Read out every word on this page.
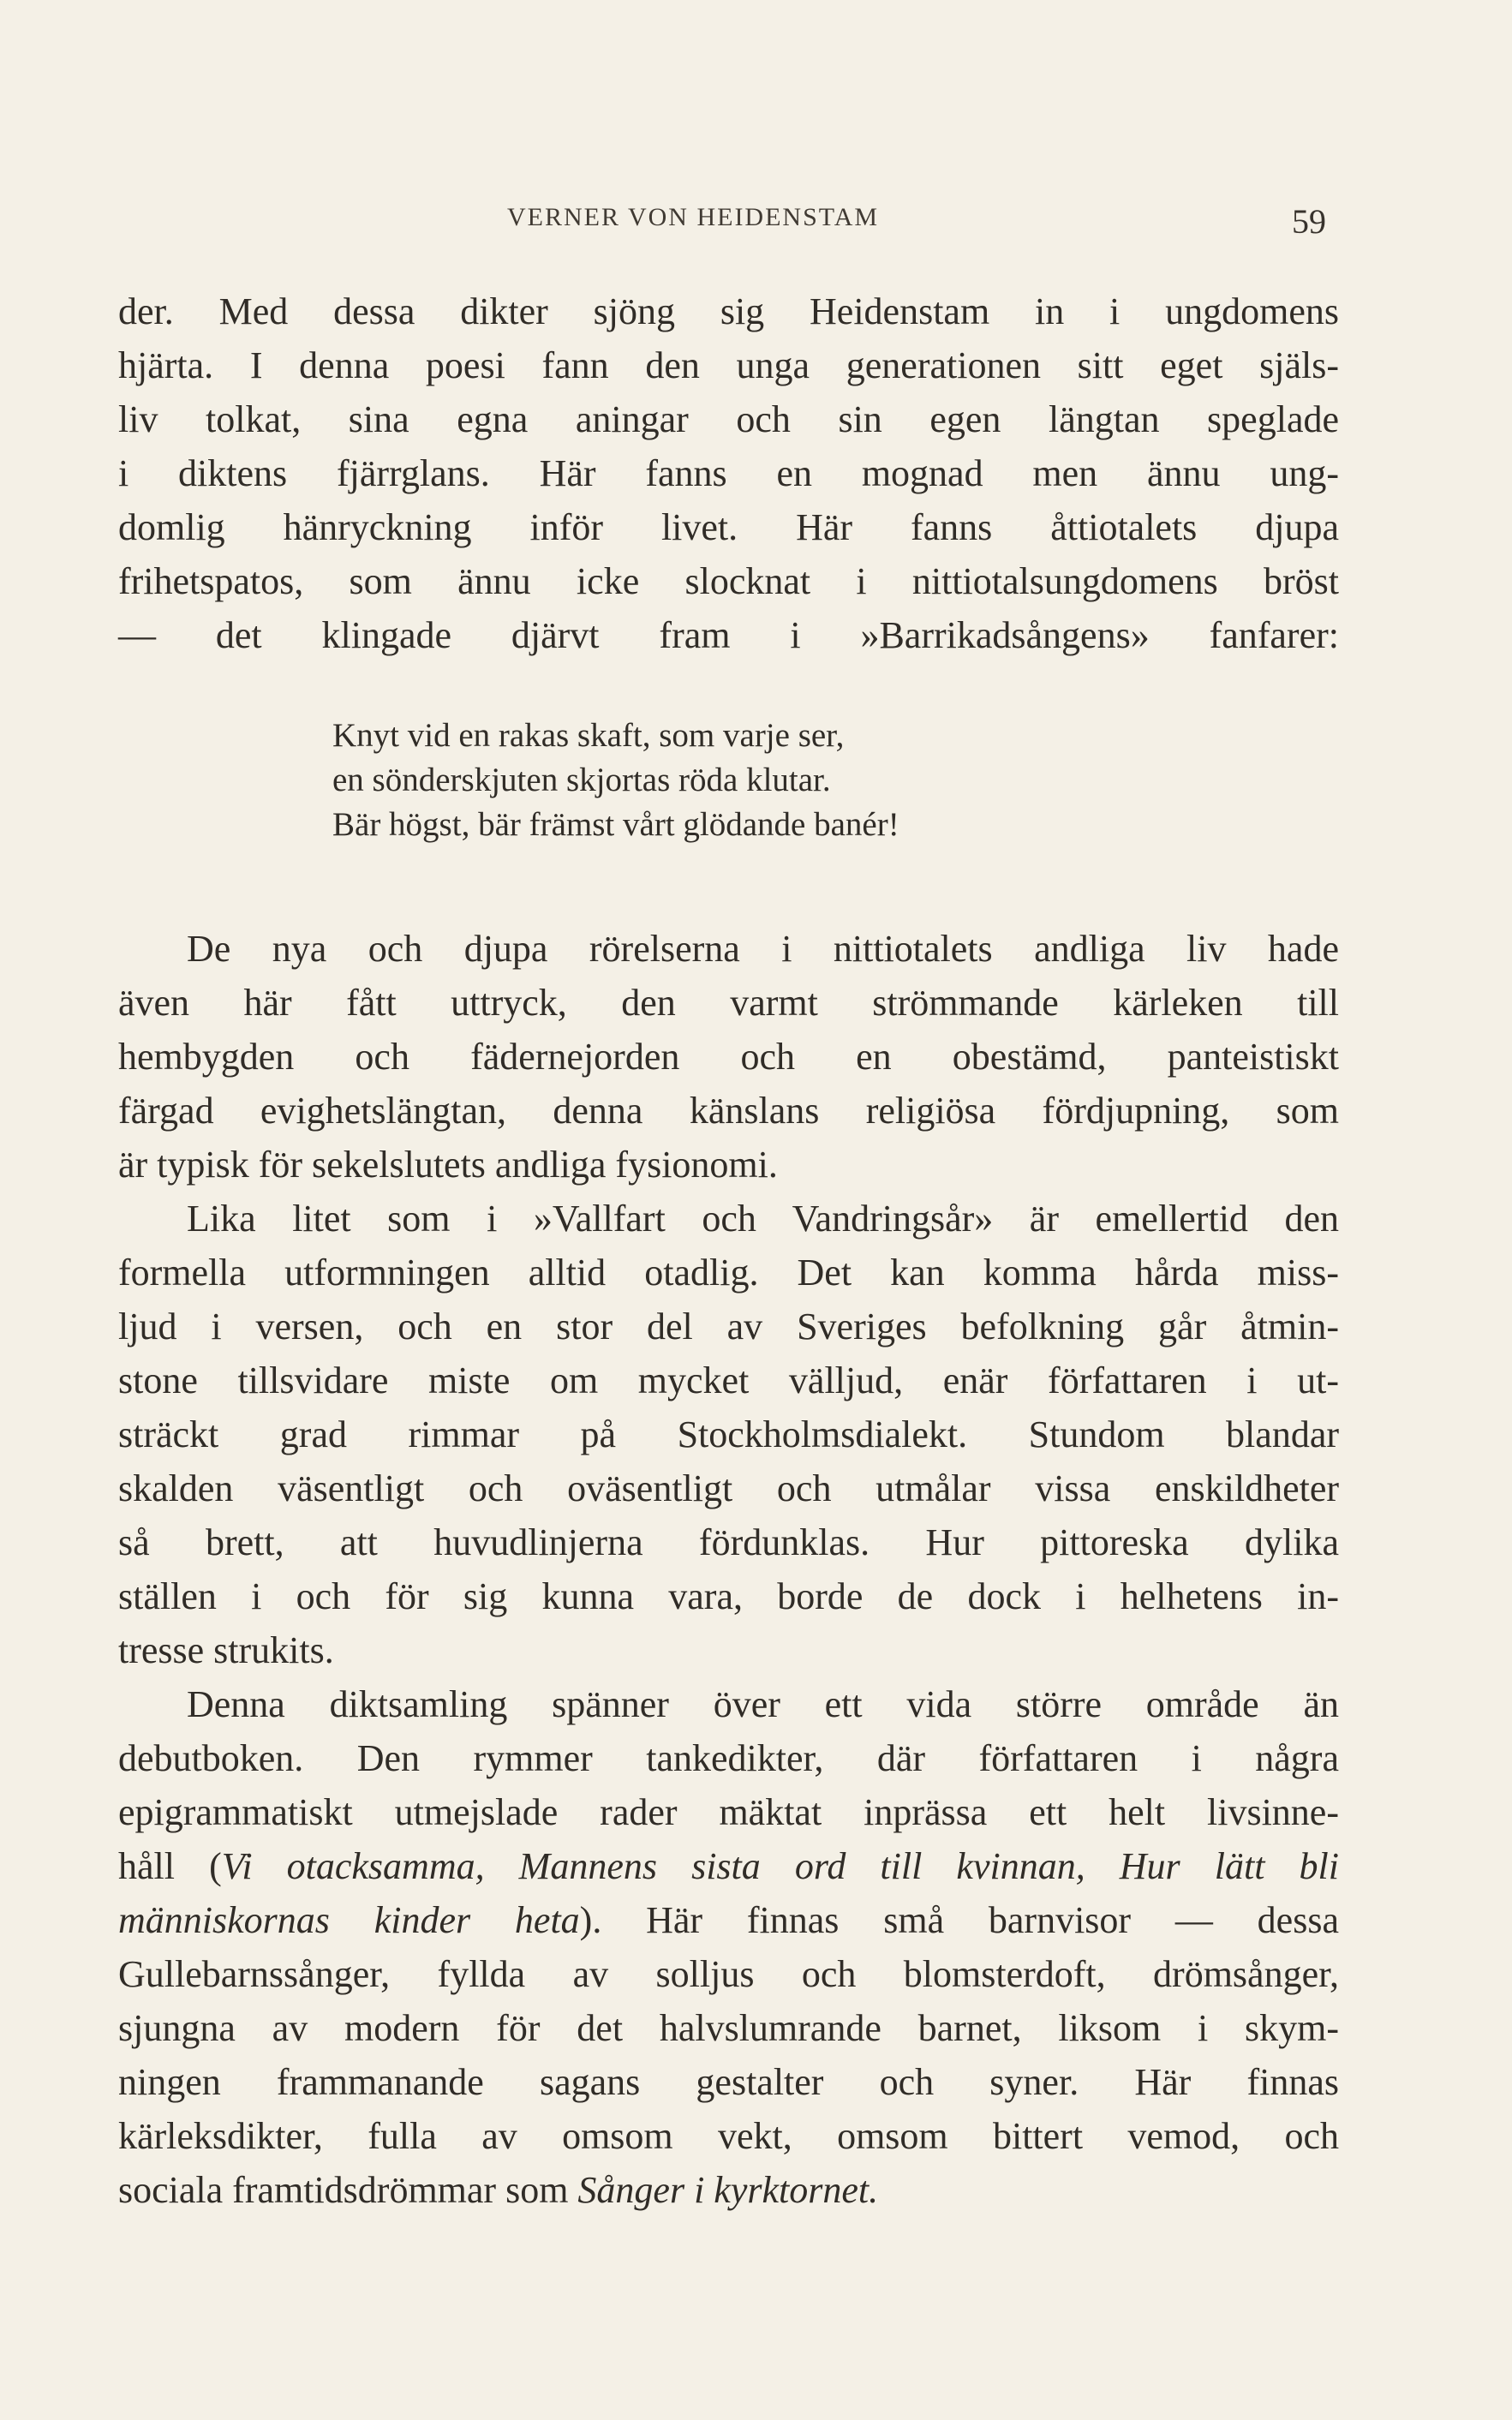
VERNER VON HEIDENSTAM	59
der. Med dessa dikter sjöng sig Heidenstam in i ungdomens
hjärta. I denna poesi fann den unga generationen sitt eget själs-
liv tolkat, sina egna aningar och sin egen längtan speglade
i diktens fjärrglans. Här fanns en mognad men ännu ung-
domlig hänryckning inför livet. Här fanns åttiotalets djupa
frihetspatos, som ännu icke slocknat i nittiotalsungdomens bröst
— det klingade djärvt fram i »Barrikadsångens» fanfarer:
Knyt vid en rakas skaft, som varje ser,
en sönderskjuten skjortas röda klutar.
Bär högst, bär främst vårt glödande banér!
De nya och djupa rörelserna i nittiotalets andliga liv hade
även här fått uttryck, den varmt strömmande kärleken till
hembygden och fädernejorden och en obestämd, panteistiskt
färgad evighetslängtan, denna känslans religiösa fördjupning, som
är typisk för sekelslutets andliga fysionomi.
Lika litet som i »Vallfart och Vandringsår» är emellertid den
formella utformningen alltid otadlig. Det kan komma hårda miss-
ljud i versen, och en stor del av Sveriges befolkning går åtmin-
stone tillsvidare miste om mycket välljud, enär författaren i ut-
sträckt grad rimmar på Stockholmsdialekt. Stundom blandar
skalden väsentligt och oväsentligt och utmålar vissa enskildheter
så brett, att huvudlinjerna fördunklas. Hur pittoreska dylika
ställen i och för sig kunna vara, borde de dock i helhetens in-
tresse strukits.
Denna diktsamling spänner över ett vida större område än
debutboken. Den rymmer tankedikter, där författaren i några
epigrammatiskt utmejslade rader mäktat inprässa ett helt livsinne-
håll (Vi otacksamma, Mannens sista ord till kvinnan, Hur lätt bli
människornas kinder heta). Här finnas små barnvisor — dessa
Gullebarnssånger, fyllda av solljus och blomsterdoft, drömsånger,
sjungna av modern för det halvslumrande barnet, liksom i skym-
ningen frammanande sagans gestalter och syner. Här finnas
kärleksdikter, fulla av omsom vekt, omsom bittert vemod, och
sociala framtidsdrömmar som Sånger i kyrktornet.
